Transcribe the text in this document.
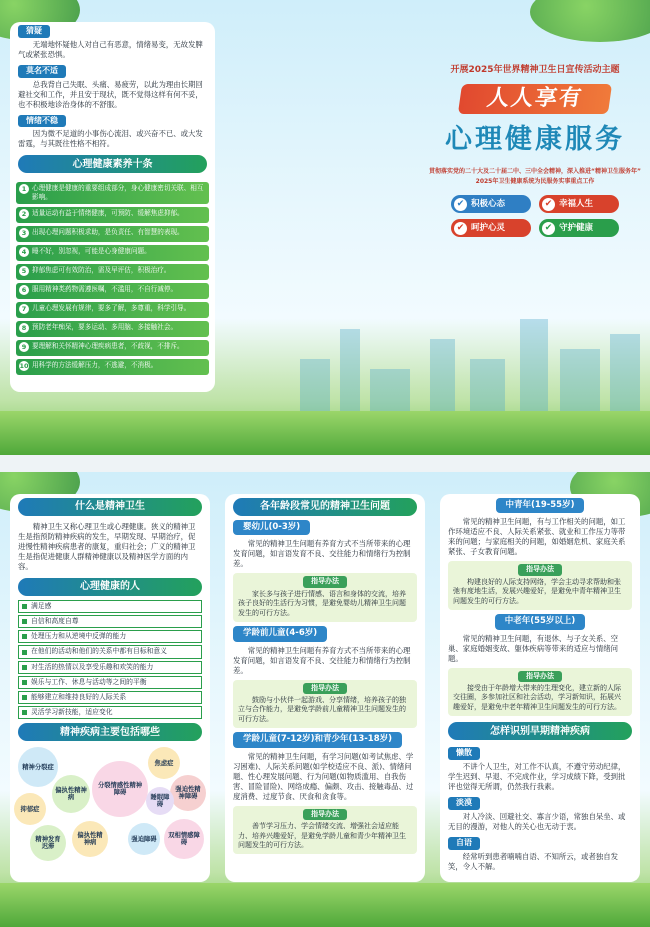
猜疑
无端地怀疑他人对自己有恶意，情绪易变，无故发脾气或紧张恐惧。
莫名不适
总我背自己失眠、头痛、易疲劳，以此为理由长期回避社交和工作，并且安于现状，既不觉得这样有何不妥，也不积极地诊治身体的不舒服。
情绪不稳
因为微不足道的小事伤心流泪、或兴奋不已、或大发雷霆，与其既往性格不相符。
心理健康素养十条
1 心理健康是健康的重要组成部分，身心健康密切关联、相互影响。
2 适量运动有益于情绪健康，可预防、缓解焦虑抑郁。
3 出现心理问题积极求助，是负责任、有智慧的表现。
4 睡不好，别忽视，可能是心身健康问题。
5 抑郁焦虑可有效防治，需及早评估，积极治疗。
6 服用精神类药物需遵医嘱，不滥用，不自行减停。
7 儿童心理发展有规律，要多了解，多尊重，科学引导。
8 预防老年痴呆，要多运动、多用脑、多接触社会。
9 要理解和关怀精神心理疾病患者，不歧视，不排斥。
10 用科学的方法缓解压力，不逃避，不消极。
开展2025年世界精神卫生日宣传活动主题
人人享有
心理健康服务
贯彻落实党的二十大及二十届二中、三中全会精神，深入推进“精神卫生服务年”
2025年卫生健康系统为民服务实事重点工作
✔ 积极心态	✔ 幸福人生
✔ 呵护心灵	✔ 守护健康
什么是精神卫生
精神卫生又称心理卫生或心理健康。狭义的精神卫生是指预防精神疾病的发生，早期发现、早期治疗，促进慢性精神疾病患者的康复，重归社会；广义的精神卫生是指促进健康人群精神健康以及精神医学方面的内容。
心理健康的人
满足感
自信和高度自尊
处理压力和从逆境中反弹的能力
在他们的活动和他们的关系中都有目标和意义
对生活的热情以及享受乐趣和欢笑的能力
娱乐与工作、休息与活动等之间的平衡
能够建立和维持良好的人际关系
灵活学习新技能，适应变化
精神疾病主要包括哪些
精神分裂症
偏执性精神病
分裂情感性精神障碍
焦虑症
强迫性精神障碍
抑郁症
睡眠障碍
精神发育迟滞
偏执性精神病
强迫障碍
双相情感障碍
各年龄段常见的精神卫生问题
婴幼儿(0-3岁)
常见的精神卫生问题有养育方式不当所带来的心理发育问题，如言语发育不良、交往能力和情绪行为控制差。
指导办法
家长多与孩子进行情感、语言和身体的交流，培养孩子良好的生活行为习惯，是避免婴幼儿精神卫生问题发生的可行方法。
学龄前儿童(4-6岁)
常见的精神卫生问题有养育方式不当所带来的心理发育问题，如言语发育不良、交往能力和情绪行为控制差。
指导办法
鼓励与小伙伴一起游戏、分享情绪，培养孩子的独立与合作能力，是避免学龄前儿童精神卫生问题发生的可行方法。
学龄儿童(7-12岁)和青少年(13-18岁)
常见的精神卫生问题，有学习问题(如考试焦虑、学习困难)、人际关系问题(如学校适应不良、派)、情绪问题、性心理发展问题、行为问题(如物质滥用、自我伤害、冒险冒险)、网络成瘾、偏颇、攻击、接触毒品、过度消费、过度节食、厌食和贪食等。
指导办法
善节学习压力、学会情绪交流、增强社会适应能力、培养兴趣爱好，是避免学龄儿童和青少年精神卫生问题发生的可行方法。
中青年(19-55岁)
常见的精神卫生问题，有与工作相关的问题，如工作环境适应不良、人际关系紧张、就业和工作压力等带来的问题；与家庭相关的问题，如婚姻危机、家庭关系紧张、子女教育问题。
指导办法
构建良好的人际支持网络，学会主动寻求帮助和张弛有度地生活，发展兴趣爱好，是避免中青年精神卫生问题发生的可行方法。
中老年(55岁以上)
常见的精神卫生问题，有退休、与子女关系、空巢、家庭婚姻变故、躯体疾病等带来的适应与情绪问题。
指导办法
接受由于年龄增大带来的生理变化，建立新的人际交往圈，多参加社区和社会活动，学习新知识，拓展兴趣爱好，是避免中老年精神卫生问题发生的可行方法。
怎样识别早期精神疾病
懒散
不讲个人卫生，对工作不认真，不遵守劳动纪律，学生迟到、早退、不完成作业，学习成绩下降，受到批评也觉得无所谓，仍然我行我素。
淡漠
对人冷淡、回避社交、寡言少语，常独自呆坐、或无目的漫游，对他人的关心也无动于衷。
自语
经常听到患者喃喃自语、不知所云，或者独自发笑，令人不解。
